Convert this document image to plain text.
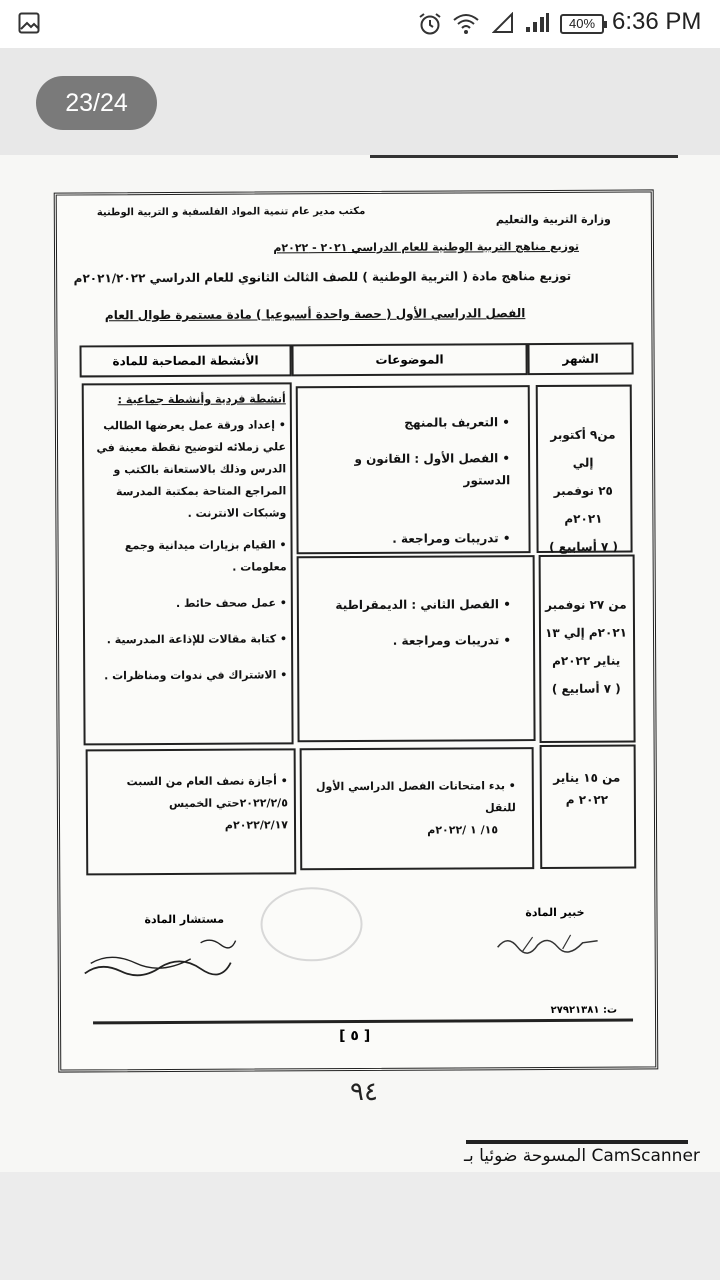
40% 6:36 PM
23/24
وزارة التربية والتعليم
مكتب مدير عام تنمية المواد الفلسفية و التربية الوطنية
توزيع مناهج التربية الوطنية للعام الدراسي ٢٠٢١ - ٢٠٢٢م
توزيع مناهج مادة ( التربية الوطنية ) للصف الثالث الثانوي للعام الدراسي ٢٠٢١/٢٠٢٢م
الفصل الدراسي الأول ( حصة واحدة أسبوعيا ) مادة مستمرة طوال العام
الشهر
الموضوعات
الأنشطة المصاحبة للمادة
من٩ أكتوبر إلي
٢٥ نوفمبر
٢٠٢١م
( ٧ أسابيع )
• التعريف بالمنهج
• الفصل الأول : القانون و الدستور
• تدريبات ومراجعة .
من ٢٧ نوفمبر
٢٠٢١م إلي ١٣
يناير ٢٠٢٢م
( ٧ أسابيع )
• الفصل الثاني : الديمقراطية
• تدريبات ومراجعة .
أنشطة فردية وأنشطة جماعية :
• إعداد ورقة عمل يعرضها الطالب
علي زملائه لتوضيح نقطة معينة في
الدرس وذلك بالاستعانة بالكتب و
المراجع المتاحة بمكتبة المدرسة
وشبكات الانترنت .
• القيام بزيارات ميدانية وجمع
معلومات .
• عمل صحف حائط .
• كتابة مقالات للإذاعة المدرسية .
• الاشتراك في ندوات ومناظرات .
من ١٥ يناير
٢٠٢٢ م
• بدء امتحانات الفصل الدراسي الأول للنقل
١٥/ ١ /٢٠٢٢م
• أجازة نصف العام من السبت
٢٠٢٢/٢/٥حتي الخميس
٢٠٢٢/٢/١٧م
خبير المادة
مستشار المادة
ت: ٢٧٩٢١٣٨١
[ ٥ ]
٩٤
المسوحة ضوئيا بـ CamScanner
